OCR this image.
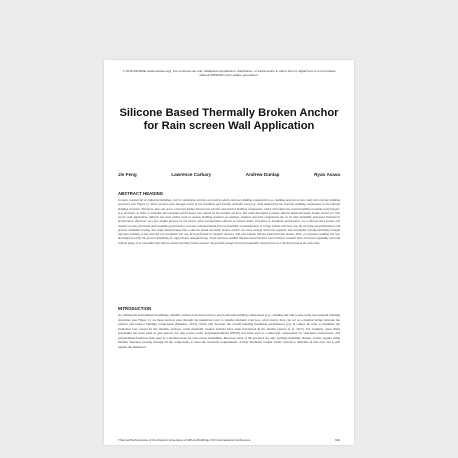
© 2016 ASHRAE (www.ashrae.org). For personal use only. Additional reproduction, distribution, or transmission in either print or digital form is not permitted without ASHRAE's prior written permission.
Silicone Based Thermally Broken Anchor for Rain screen Wall Application
Jie Feng	Lawrence Carbary	Andrew Dunlap	Ryan Asava
ABSTRACT HEADING
In many commercial or industrial buildings, steel or aluminium anchors are used to attach external cladding components (e.g. cladding and rain screen wall) onto internal building structures (see Figure 1). These anchors pass through seams in the insulation and transfer dramatic heat (e.g. wind loads) from the external cladding components to the internal building structure. Therefore, they can act as a thermal bridge between the exterior and interior building components, which will reduce the overall building insulation performance (e.g. R value). In order to minimize the insulation performance loss caused by the metallic anchors, this study developed a unique silicone based thermally broken anchor for rain screen wall application. Silicone has been widely used in various building products as coatings, sealants and joint components due to its high durability and good elastomeric performance. However, very few studies focused on the anchor joint incorporation silicone to achieve better structural or insulation performance, as a silicone-steel anchor will require not only structural and insulation performance, but also a demonstrated process possibility in manufacture. It is high volume with low cost. By carrying out performance and process validation testing, this study demonstrated that a silicone based thermally broken anchor can have enough structural capacity and acceptable manufacturability through injection molding. A test with the two insulation test was first performed to compare anchors with and without silicone based thermal breaks. Then, an injection molding test was developed to verify the process feasibility for high volume manufacturing. These injection molded silicone-based anchors were tested to evaluate their structural capability with and without aging. It is concluded that silicone based thermally broken anchor can provide enough structural capability and perform as a thermal break at the same time.
INTRODUCTION
In commercial and industrial buildings, metallic anchors have been used to attach external building components (e.g. cladding and rain screen wall) onto internal building structures (see Figure 1). As these anchors pass through the insulation layer to transfer dramatic load (e.g. wind loads), they can act as a thermal bridge between the exterior and interior building components (Hanssen, 2013), which will decrease the overall building insulation performance (e.g. R value). In order to minimize the insulation loss caused by the metallic anchors, some thermally broken anchors have been introduced in the market (Asava et al. 2017). For example, glass filled polyamide has been used as grid spacers for rain screen walls, polyphenylsulfone (PPSU) has been used as connection components for structural construction, and polyurethane/foam has been used as a thermal break for rain screen assemblies. However, most of the products are only partially thermally broken, as they require using metallic fasteners passing through all the components to meet the structural requirements. A fully thermally broken anchor system is desirable in this case, but it will require the insulation
Thermal Performance of the Exterior Envelopes of Whole Buildings XIV International Conference	319
